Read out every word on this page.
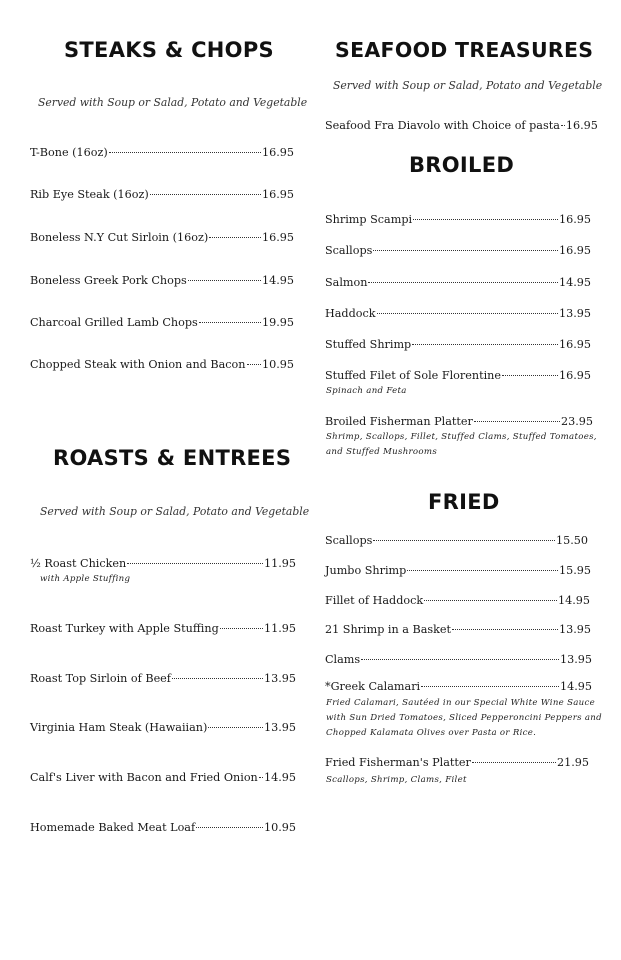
STEAKS & CHOPS
Served with Soup or Salad, Potato and Vegetable
T-Bone (16oz)	16.95
Rib Eye Steak (16oz)	16.95
Boneless N.Y Cut Sirloin (16oz)	16.95
Boneless Greek Pork Chops	14.95
Charcoal Grilled Lamb Chops	19.95
Chopped Steak with Onion and Bacon 10.95
ROASTS & ENTREES
Served with Soup or Salad, Potato and Vegetable
½ Roast Chicken	11.95
with Apple Stuffing
Roast Turkey with Apple Stuffing	11.95
Roast Top Sirloin of Beef	13.95
Virginia Ham Steak (Hawaiian)	13.95
Calf's Liver with Bacon and Fried Onion 14.95
Homemade Baked Meat Loaf	10.95
SEAFOOD TREASURES
Served with Soup or Salad, Potato and Vegetable
Seafood Fra Diavolo with Choice of pasta 16.95
BROILED
Shrimp Scampi	16.95
Scallops	16.95
Salmon	14.95
Haddock	13.95
Stuffed Shrimp	16.95
Stuffed Filet of Sole Florentine	16.95
Spinach and Feta
Broiled Fisherman Platter	23.95
Shrimp, Scallops, Fillet, Stuffed Clams, Stuffed Tomatoes,
and Stuffed Mushrooms
FRIED
Scallops	15.50
Jumbo Shrimp	15.95
Fillet of Haddock	14.95
21 Shrimp in a Basket	13.95
Clams	13.95
*Greek Calamari	14.95
Fried Calamari, Sautéed in our Special White Wine Sauce
with Sun Dried Tomatoes, Sliced Pepperoncini Peppers and
Chopped Kalamata Olives over Pasta or Rice.
Fried Fisherman's Platter	21.95
Scallops, Shrimp, Clams, Filet
